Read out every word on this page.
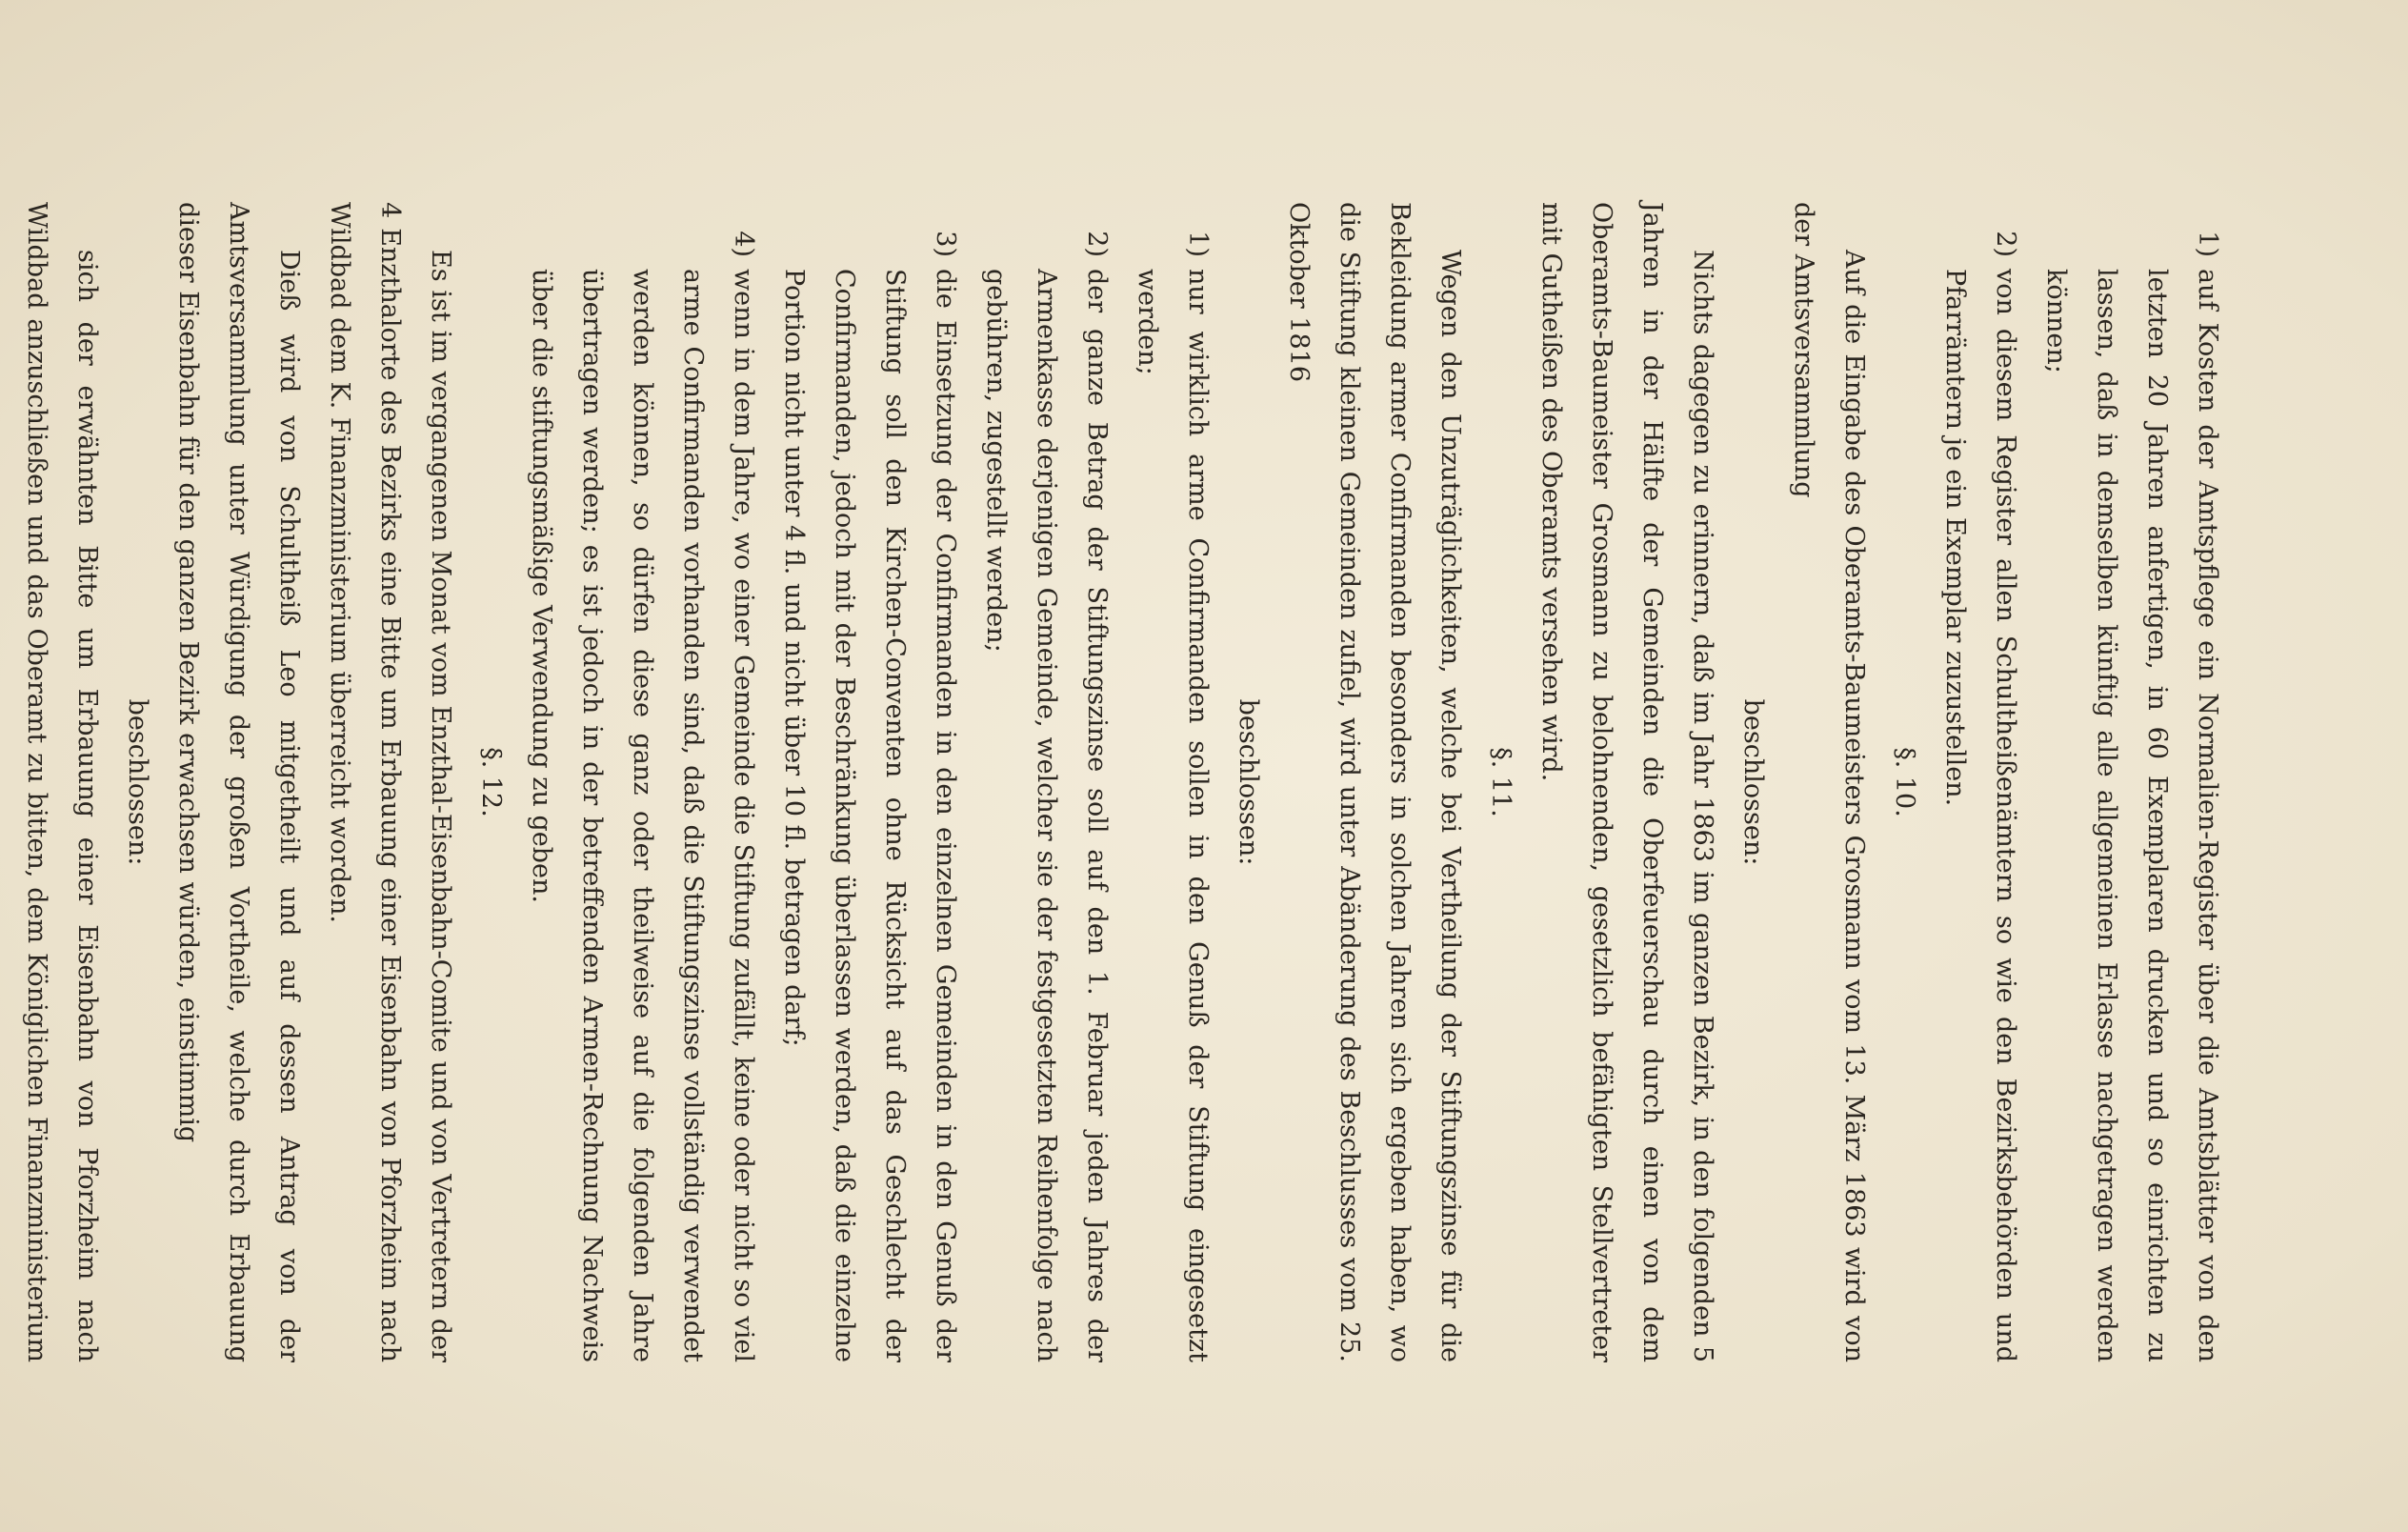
1)
auf Kosten der Amtspflege ein Normalien-Register über die Amtsblätter von den letzten 20 Jahren anfertigen, in 60 Exemplaren drucken und so einrichten zu lassen, daß in demselben künftig alle allgemeinen Erlasse nachgetragen werden können;
2)
von diesem Register allen Schultheißenämtern so wie den Bezirksbehörden und Pfarrämtern je ein Exemplar zuzustellen.

§. 10.

Auf die Eingabe des Oberamts-Baumeisters Grosmann vom 13. März 1863 wird von der Amtsversammlung

beschlossen:

Nichts dagegen zu erinnern, daß im Jahr 1863 im ganzen Bezirk, in den folgenden 5 Jahren in der Hälfte der Gemeinden die Oberfeuerschau durch einen von dem Oberamts-Baumeister Grosmann zu belohnenden, gesetzlich befähigten Stellvertreter mit Gutheißen des Oberamts versehen wird.

§. 11.

Wegen den Unzuträglichkeiten, welche bei Vertheilung der Stiftungszinse für die Bekleidung armer Confirmanden besonders in solchen Jahren sich ergeben haben, wo die Stiftung kleinen Gemeinden zufiel, wird unter Abänderung des Beschlusses vom 25. Oktober 1816

beschlossen:

1)
nur wirklich arme Confirmanden sollen in den Genuß der Stiftung eingesetzt werden;
2)
der ganze Betrag der Stiftungszinse soll auf den 1. Februar jeden Jahres der Armenkasse derjenigen Gemeinde, welcher sie der festgesetzten Reihenfolge nach gebühren, zugestellt werden;
3)
die Einsetzung der Confirmanden in den einzelnen Gemeinden in den Genuß der Stiftung soll den Kirchen-Conventen ohne Rücksicht auf das Geschlecht der Confirmanden, jedoch mit der Beschränkung überlassen werden, daß die einzelne Portion nicht unter 4 fl. und nicht über 10 fl. betragen darf;
4)
wenn in dem Jahre, wo einer Gemeinde die Stiftung zufällt, keine oder nicht so viel arme Confirmanden vorhanden sind, daß die Stiftungszinse vollständig verwendet werden können, so dürfen diese ganz oder theilweise auf die folgenden Jahre übertragen werden; es ist jedoch in der betreffenden Armen-Rechnung Nachweis über die stiftungsmäßige Verwendung zu geben.

§. 12.

Es ist im vergangenen Monat vom Enzthal-Eisenbahn-Comite und von Vertretern der 4 Enzthalorte des Bezirks eine Bitte um Erbauung einer Eisenbahn von Pforzheim nach Wildbad dem K. Finanzministerium überreicht worden.

Dieß wird von Schultheiß Leo mitgetheilt und auf dessen Antrag von der Amtsversammlung unter Würdigung der großen Vortheile, welche durch Erbauung dieser Eisenbahn für den ganzen Bezirk erwachsen würden, einstimmig

beschlossen:

sich der erwähnten Bitte um Erbauung einer Eisenbahn von Pforzheim nach Wildbad anzuschließen und das Oberamt zu bitten, dem Königlichen Finanzministerium
